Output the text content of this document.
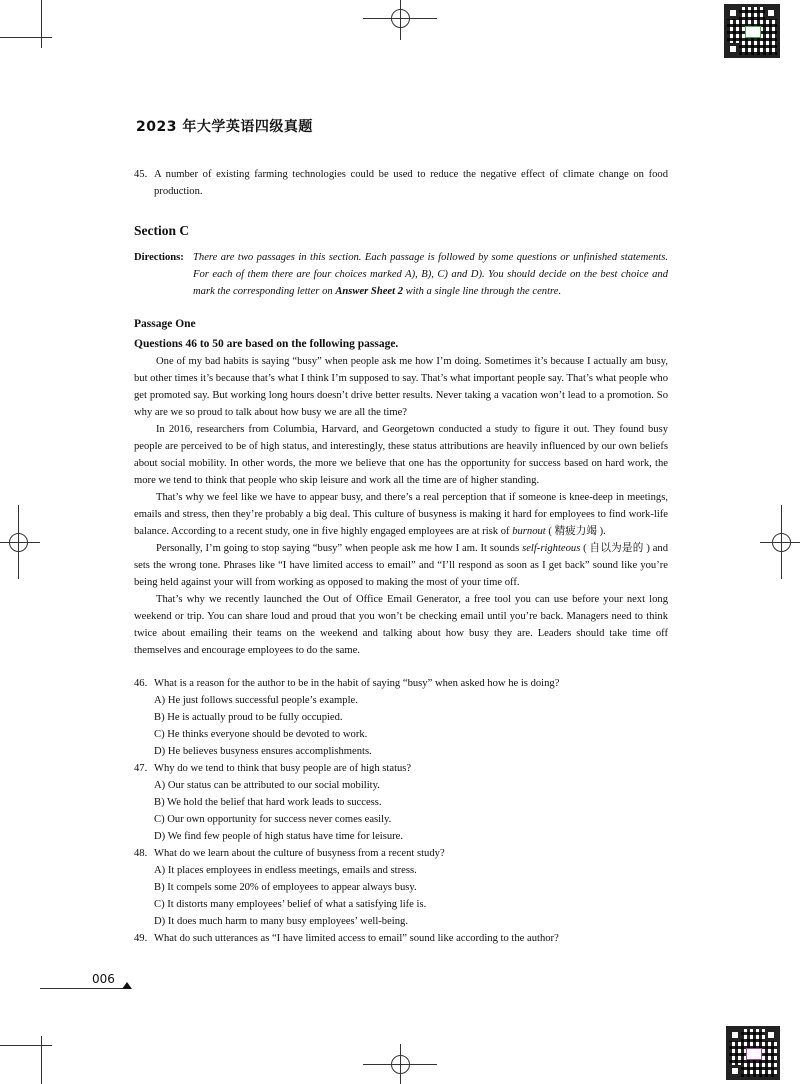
2023 年大学英语四级真题
45. A number of existing farming technologies could be used to reduce the negative effect of climate change on food production.
Section C
Directions: There are two passages in this section. Each passage is followed by some questions or unfinished statements. For each of them there are four choices marked A), B), C) and D). You should decide on the best choice and mark the corresponding letter on Answer Sheet 2 with a single line through the centre.
Passage One
Questions 46 to 50 are based on the following passage.
One of my bad habits is saying “busy” when people ask me how I’m doing. Sometimes it’s because I actually am busy, but other times it’s because that’s what I think I’m supposed to say. That’s what important people say. That’s what people who get promoted say. But working long hours doesn’t drive better results. Never taking a vacation won’t lead to a promotion. So why are we so proud to talk about how busy we are all the time?
In 2016, researchers from Columbia, Harvard, and Georgetown conducted a study to figure it out. They found busy people are perceived to be of high status, and interestingly, these status attributions are heavily influenced by our own beliefs about social mobility. In other words, the more we believe that one has the opportunity for success based on hard work, the more we tend to think that people who skip leisure and work all the time are of higher standing.
That’s why we feel like we have to appear busy, and there’s a real perception that if someone is knee-deep in meetings, emails and stress, then they’re probably a big deal. This culture of busyness is making it hard for employees to find work-life balance. According to a recent study, one in five highly engaged employees are at risk of burnout ( 精疲力竭 ).
Personally, I’m going to stop saying “busy” when people ask me how I am. It sounds self-righteous ( 自以为是的 ) and sets the wrong tone. Phrases like “I have limited access to email” and “I’ll respond as soon as I get back” sound like you’re being held against your will from working as opposed to making the most of your time off.
That’s why we recently launched the Out of Office Email Generator, a free tool you can use before your next long weekend or trip. You can share loud and proud that you won’t be checking email until you’re back. Managers need to think twice about emailing their teams on the weekend and talking about how busy they are. Leaders should take time off themselves and encourage employees to do the same.
46. What is a reason for the author to be in the habit of saying “busy” when asked how he is doing?
A) He just follows successful people’s example.
B) He is actually proud to be fully occupied.
C) He thinks everyone should be devoted to work.
D) He believes busyness ensures accomplishments.
47. Why do we tend to think that busy people are of high status?
A) Our status can be attributed to our social mobility.
B) We hold the belief that hard work leads to success.
C) Our own opportunity for success never comes easily.
D) We find few people of high status have time for leisure.
48. What do we learn about the culture of busyness from a recent study?
A) It places employees in endless meetings, emails and stress.
B) It compels some 20% of employees to appear always busy.
C) It distorts many employees’ belief of what a satisfying life is.
D) It does much harm to many busy employees’ well-being.
49. What do such utterances as “I have limited access to email” sound like according to the author?
006
